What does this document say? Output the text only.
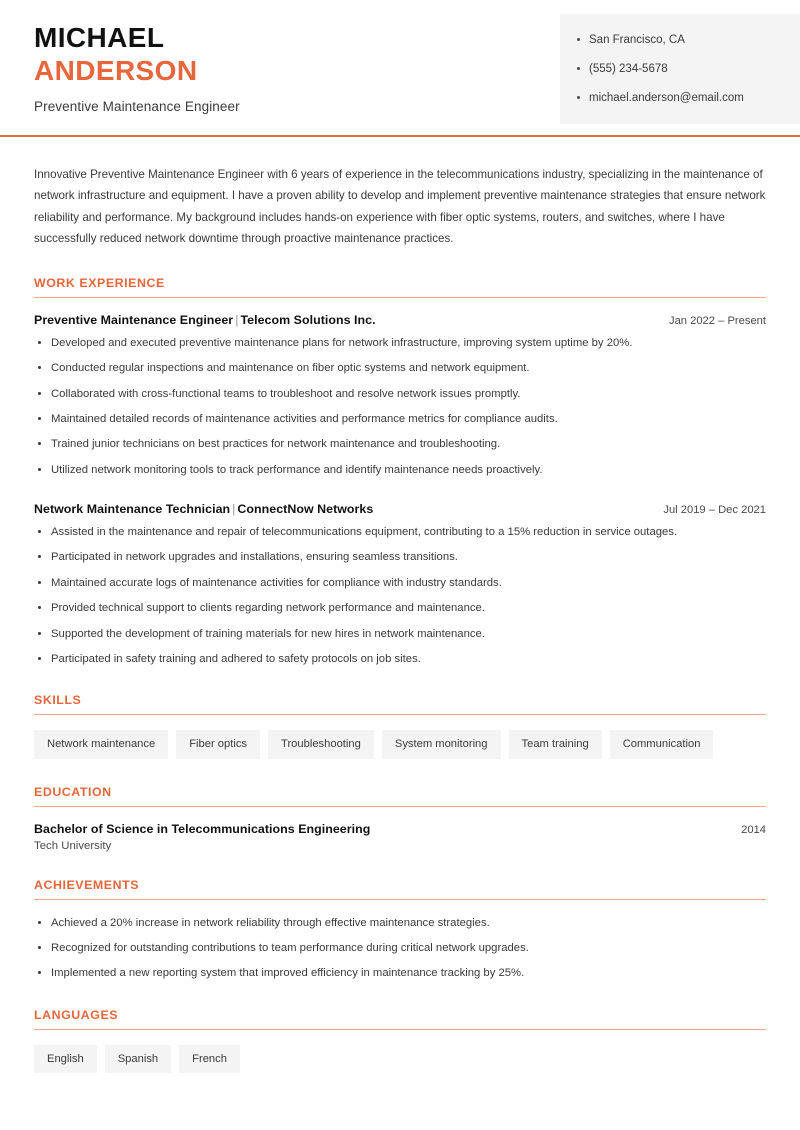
MICHAEL
ANDERSON
Preventive Maintenance Engineer
San Francisco, CA
(555) 234-5678
michael.anderson@email.com

Innovative Preventive Maintenance Engineer with 6 years of experience in the telecommunications industry, specializing in the maintenance of network infrastructure and equipment. I have a proven ability to develop and implement preventive maintenance strategies that ensure network reliability and performance. My background includes hands-on experience with fiber optic systems, routers, and switches, where I have successfully reduced network downtime through proactive maintenance practices.

WORK EXPERIENCE
Preventive Maintenance Engineer | Telecom Solutions Inc.	Jan 2022 – Present
Developed and executed preventive maintenance plans for network infrastructure, improving system uptime by 20%.
Conducted regular inspections and maintenance on fiber optic systems and network equipment.
Collaborated with cross-functional teams to troubleshoot and resolve network issues promptly.
Maintained detailed records of maintenance activities and performance metrics for compliance audits.
Trained junior technicians on best practices for network maintenance and troubleshooting.
Utilized network monitoring tools to track performance and identify maintenance needs proactively.
Network Maintenance Technician | ConnectNow Networks	Jul 2019 – Dec 2021
Assisted in the maintenance and repair of telecommunications equipment, contributing to a 15% reduction in service outages.
Participated in network upgrades and installations, ensuring seamless transitions.
Maintained accurate logs of maintenance activities for compliance with industry standards.
Provided technical support to clients regarding network performance and maintenance.
Supported the development of training materials for new hires in network maintenance.
Participated in safety training and adhered to safety protocols on job sites.
SKILLS
Network maintenance	Fiber optics	Troubleshooting	System monitoring	Team training	Communication
EDUCATION
Bachelor of Science in Telecommunications Engineering	2014
Tech University
ACHIEVEMENTS
Achieved a 20% increase in network reliability through effective maintenance strategies.
Recognized for outstanding contributions to team performance during critical network upgrades.
Implemented a new reporting system that improved efficiency in maintenance tracking by 25%.
LANGUAGES
English	Spanish	French
